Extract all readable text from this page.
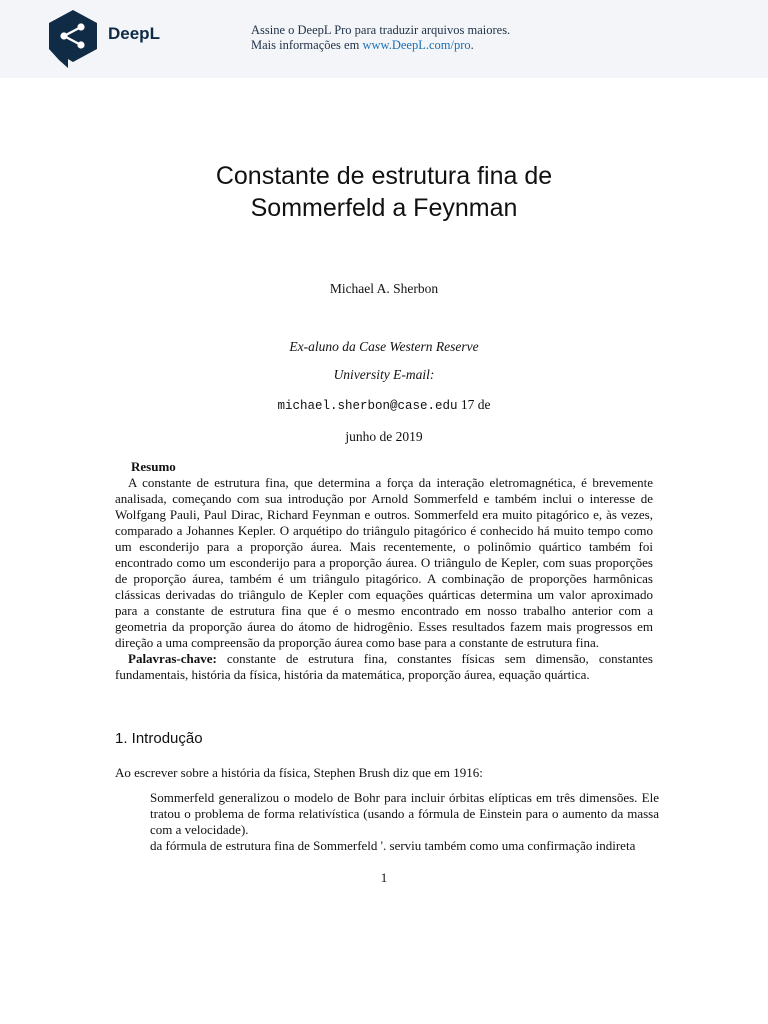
DeepL	Assine o DeepL Pro para traduzir arquivos maiores.
Mais informações em www.DeepL.com/pro.
Constante de estrutura fina de
Sommerfeld a Feynman
Michael A. Sherbon
Ex-aluno da Case Western Reserve
University E-mail:
michael.sherbon@case.edu 17 de
junho de 2019

Resumo

A constante de estrutura fina, que determina a força da interação eletromagnética, é brevemente analisada, começando com sua introdução por Arnold Sommerfeld e também inclui o interesse de Wolfgang Pauli, Paul Dirac, Richard Feynman e outros. Sommerfeld era muito pitagórico e, às vezes, comparado a Johannes Kepler. O arquétipo do triângulo pitagórico é conhecido há muito tempo como um esconderijo para a proporção áurea. Mais recentemente, o polinômio quártico também foi encontrado como um esconderijo para a proporção áurea. O triângulo de Kepler, com suas proporções de proporção áurea, também é um triângulo pitagórico. A combinação de proporções harmônicas clássicas derivadas do triângulo de Kepler com equações quárticas determina um valor aproximado para a constante de estrutura fina que é o mesmo encontrado em nosso trabalho anterior com a geometria da proporção áurea do átomo de hidrogênio. Esses resultados fazem mais progressos em direção a uma compreensão da proporção áurea como base para a constante de estrutura fina.

Palavras-chave: constante de estrutura fina, constantes físicas sem dimensão, constantes fundamentais, história da física, história da matemática, proporção áurea, equação quártica.

1. Introdução
Ao escrever sobre a história da física, Stephen Brush diz que em 1916:

Sommerfeld generalizou o modelo de Bohr para incluir órbitas elípticas em três dimensões. Ele tratou o problema de forma relativística (usando a fórmula de Einstein para o aumento da massa com a velocidade).

da fórmula de estrutura fina de Sommerfeld '. serviu também como uma confirmação indireta

1
